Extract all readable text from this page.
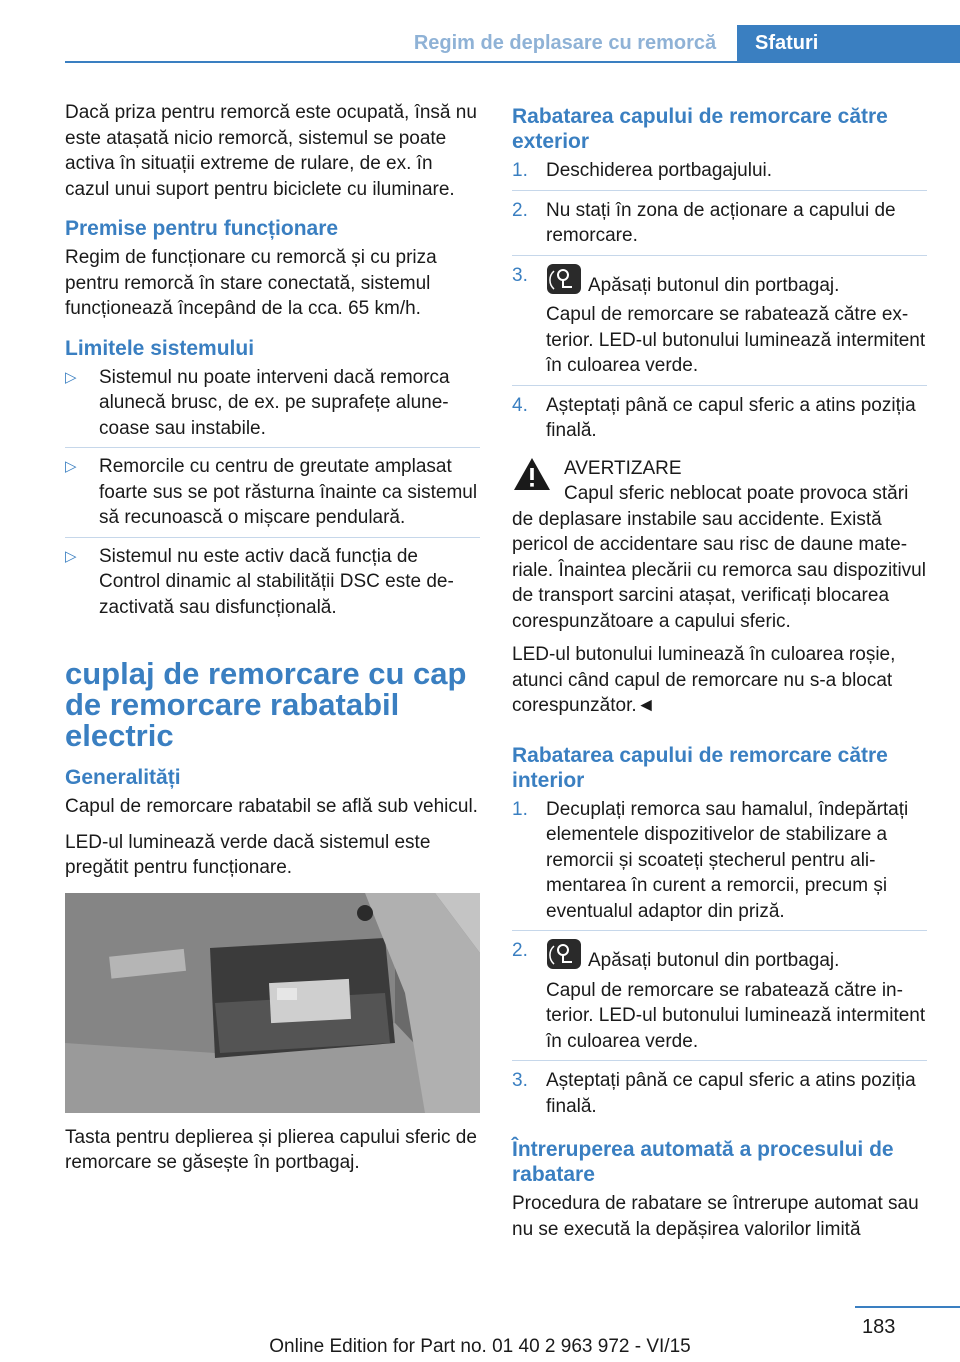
Regim de deplasare cu remorcă	Sfaturi

Dacă priza pentru remorcă este ocupată, însă nu este atașată nicio remorcă, sistemul se poate activa în situații extreme de rulare, de ex. în cazul unui suport pentru biciclete cu iluminare.

Premise pentru funcționare

Regim de funcționare cu remorcă și cu priza pentru remorcă în stare conectată, sistemul funcționează începând de la cca. 65 km/h.

Limitele sistemului
▷ Sistemul nu poate interveni dacă remorca alunecă brusc, de ex. pe suprafețe alunecoase sau instabile.
▷ Remorcile cu centru de greutate amplasat foarte sus se pot răsturna înainte ca sistemul să recunoască o mișcare pendulară.
▷ Sistemul nu este activ dacă funcția de Control dinamic al stabilității DSC este dezactivată sau disfuncțională.
cuplaj de remorcare cu cap de remorcare rabatabil electric
Generalități

Capul de remorcare rabatabil se află sub vehicul.

LED-ul luminează verde dacă sistemul este pregătit pentru funcționare.

Tasta pentru deplierea și plierea capului sferic de remorcare se găsește în portbagaj.

Rabatarea capului de remorcare către exterior
1. Deschiderea portbagajului.
2. Nu stați în zona de acționare a capului de remorcare.
3.	Apăsați butonul din portbagaj.
Capul de remorcare se rabatează către exterior. LED-ul butonului luminează intermitent în culoarea verde.
4. Așteptați până ce capul sferic a atins poziția finală.
AVERTIZARE

Capul sferic neblocat poate provoca stări
de deplasare instabile sau accidente. Există pericol de accidentare sau risc de daune materiale. Înaintea plecării cu remorca sau dispozitivul de transport sarcini atașat, verificați blocarea corespunzătoare a capului sferic.

LED-ul butonului luminează în culoarea roșie, atunci când capul de remorcare nu s-a blocat corespunzător.◄

Rabatarea capului de remorcare către interior
1. Decuplați remorca sau hamalul, îndepărtați elementele dispozitivelor de stabilizare a remorcii și scoateți ștecherul pentru alimentarea în curent a remorcii, precum și eventualul adaptor din priză.
2.	Apăsați butonul din portbagaj.
Capul de remorcare se rabatează către interior. LED-ul butonului luminează intermitent în culoarea verde.
3. Așteptați până ce capul sferic a atins poziția finală.
Întreruperea automată a procesului de rabatare

Procedura de rabatare se întrerupe automat sau nu se execută la depășirea valorilor limită

183
Online Edition for Part no. 01 40 2 963 972 - VI/15
